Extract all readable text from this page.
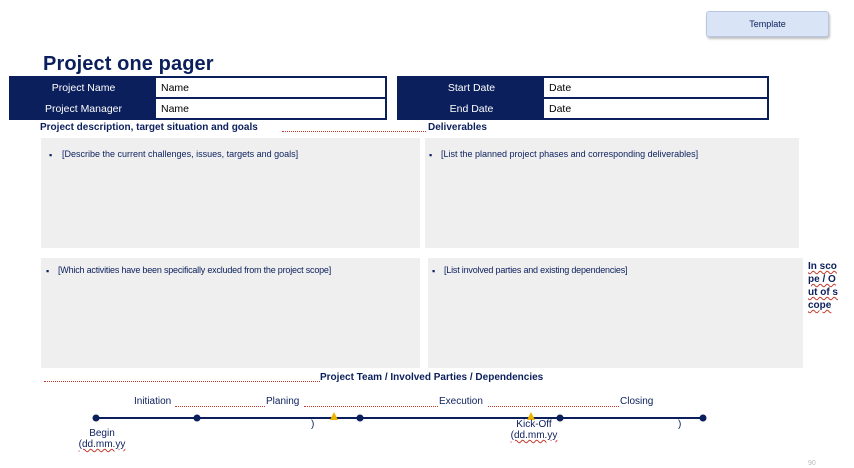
Template
Project one pager
Project Name	Name
Project Manager	Name
Start Date	Date
End Date	Date
Project description, target situation and goals	Deliverables
▪ [Describe the current challenges, issues, targets and goals]	▪ [List the planned project phases and corresponding deliverables]
▪ [Which activities have been specifically excluded from the project scope]	▪ [List involved parties and existing dependencies]	In scope / Out of scope
Project Team / Involved Parties / Dependencies
Initiation	Planing	Execution	Closing
Begin
(dd.mm.yy
)	Kick-Off
(dd.mm.yy
)
90
